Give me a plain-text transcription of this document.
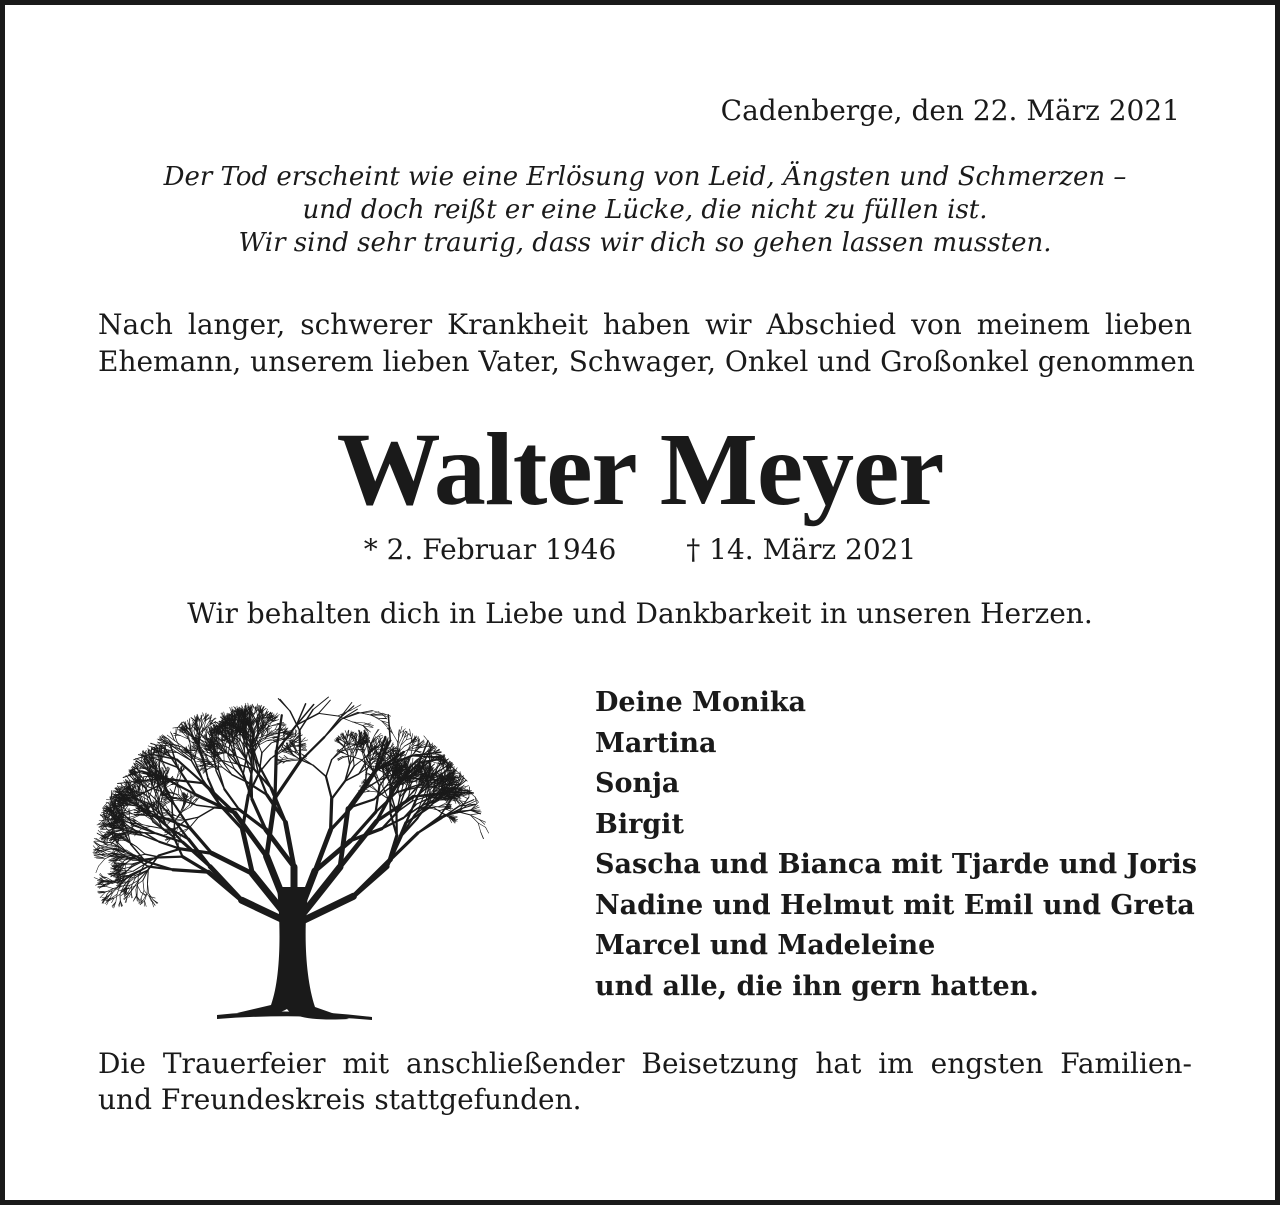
Cadenberge, den 22. März 2021
Der Tod erscheint wie eine Erlösung von Leid, Ängsten und Schmerzen –
und doch reißt er eine Lücke, die nicht zu füllen ist.
Wir sind sehr traurig, dass wir dich so gehen lassen mussten.
Nach langer, schwerer Krankheit haben wir Abschied von meinem lieben
Ehemann, unserem lieben Vater, Schwager, Onkel und Großonkel genommen
Walter Meyer
* 2. Februar 1946	† 14. März 2021
Wir behalten dich in Liebe und Dankbarkeit in unseren Herzen.
Deine Monika
Martina
Sonja
Birgit
Sascha und Bianca mit Tjarde und Joris
Nadine und Helmut mit Emil und Greta
Marcel und Madeleine
und alle, die ihn gern hatten.
Die Trauerfeier mit anschließender Beisetzung hat im engsten Familien-
und Freundeskreis stattgefunden.
